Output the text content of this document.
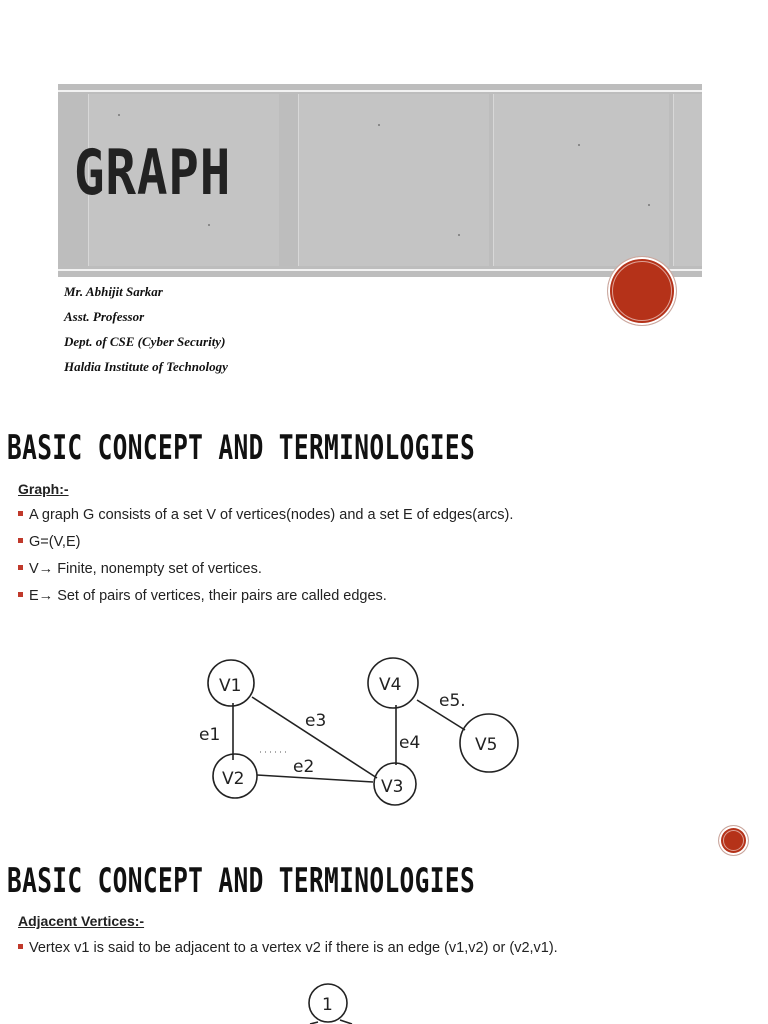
GRAPH
Mr. Abhijit Sarkar
Asst. Professor
Dept. of CSE (Cyber Security)
Haldia Institute of Technology
BASIC CONCEPT AND TERMINOLOGIES
Graph:-
A graph G consists of a set V of vertices(nodes) and a set E of edges(arcs).
G=(V,E)
V→ Finite, nonempty set of vertices.
E→ Set of pairs of vertices, their pairs are called edges.
V1
V2	V3
V4
V5
e1
e2
e3
e4
e5.
BASIC CONCEPT AND TERMINOLOGIES
Adjacent Vertices:-
Vertex v1 is said to be adjacent to a vertex v2 if there is an edge (v1,v2) or (v2,v1).
1
